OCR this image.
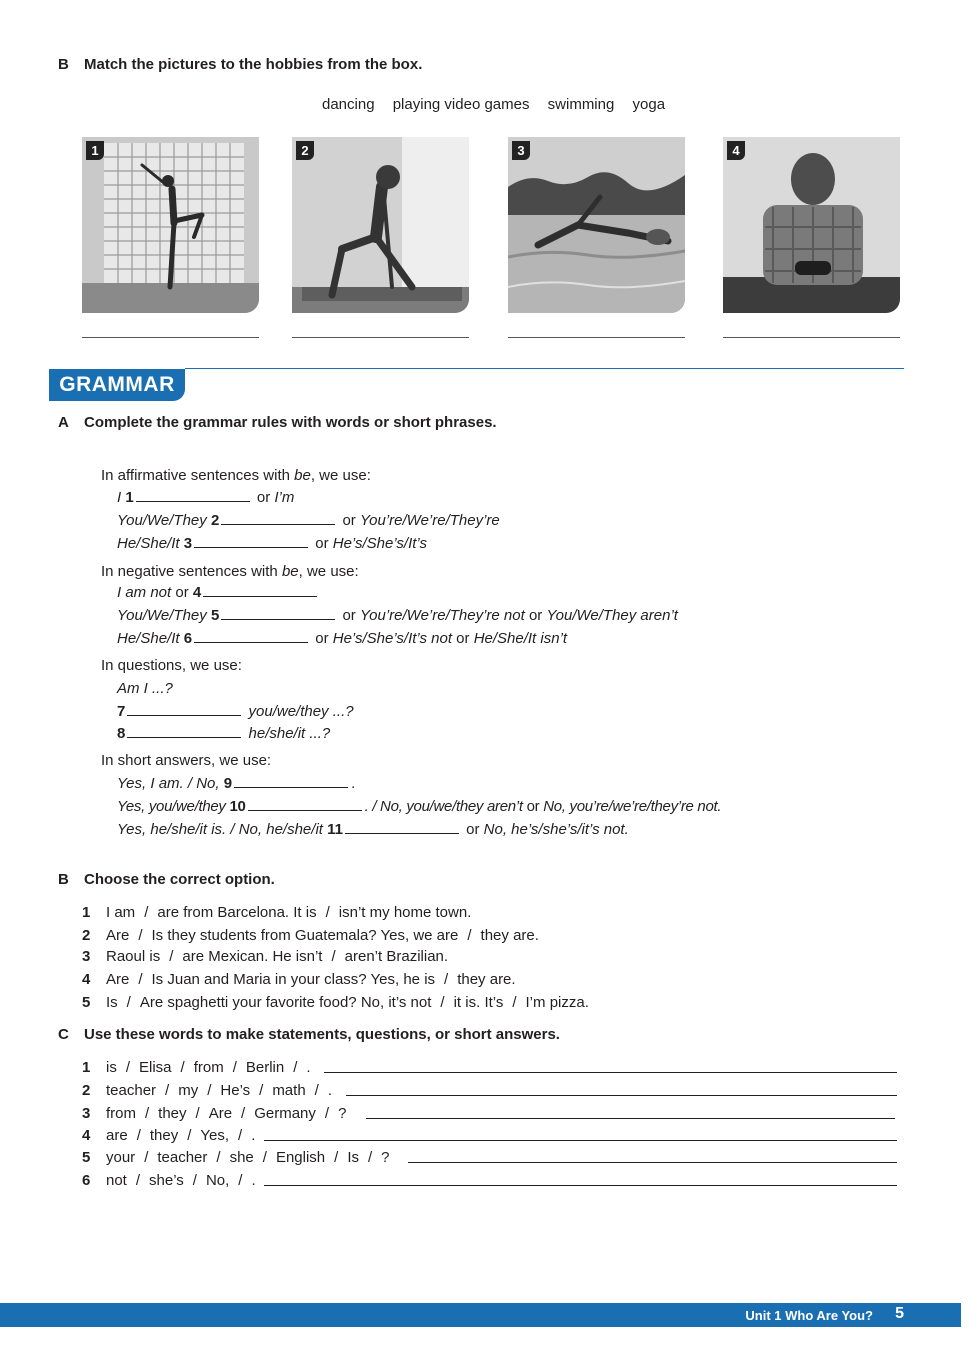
B Match the pictures to the hobbies from the box.
dancing playing video games swimming yoga
1	2	3	4
GRAMMAR
A Complete the grammar rules with words or short phrases.
In affirmative sentences with be, we use:
I 1	or I’m
You/We/They 2	or You’re/We’re/They’re
He/She/It 3	or He’s/She’s/It’s
In negative sentences with be, we use:
I am not or 4
You/We/They 5	or You’re/We’re/They’re not or You/We/They aren’t
He/She/It 6	or He’s/She’s/It’s not or He/She/It isn’t
In questions, we use:
Am I ...?
7	you/we/they ...?
8	he/she/it ...?
In short answers, we use:
Yes, I am. / No, 9	.
Yes, you/we/they 10	. / No, you/we/they aren’t or No, you’re/we’re/they’re not.
Yes, he/she/it is. / No, he/she/it 11	or No, he’s/she’s/it’s not.
B Choose the correct option.
1 I am / are from Barcelona. It is / isn’t my home town.
2 Are / Is they students from Guatemala? Yes, we are / they are.
3 Raoul is / are Mexican. He isn’t / aren’t Brazilian.
4 Are / Is Juan and Maria in your class? Yes, he is / they are.
5 Is / Are spaghetti your favorite food? No, it’s not / it is. It’s / I’m pizza.
C Use these words to make statements, questions, or short answers.
1 is / Elisa / from / Berlin / .
2 teacher / my / He’s / math / .
3 from / they / Are / Germany / ?
4 are / they / Yes, / .
5 your / teacher / she / English / Is / ?
6 not / she’s / No, / .
Unit 1 Who Are You? 5
